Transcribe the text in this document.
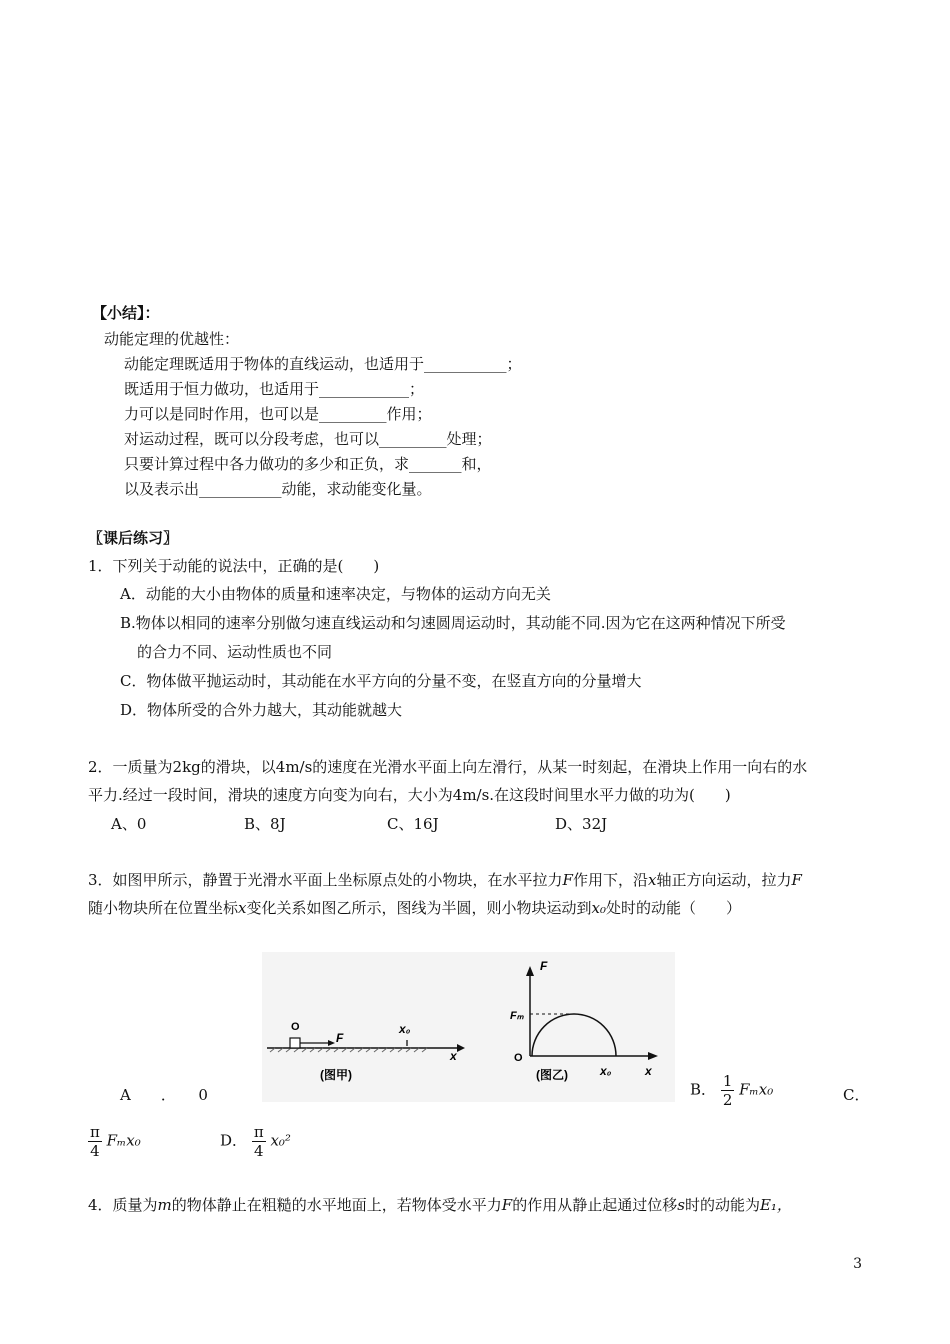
【小结】：
动能定理的优越性：
动能定理既适用于物体的直线运动，也适用于___________；
既适用于恒力做功，也适用于____________；
力可以是同时作用，也可以是_________作用；
对运动过程，既可以分段考虑，也可以_________处理；
只要计算过程中各力做功的多少和正负，求_______和，
以及表示出___________动能，求动能变化量。
〖课后练习〗
1．下列关于动能的说法中，正确的是(　　)
A．动能的大小由物体的质量和速率决定，与物体的运动方向无关
B.物体以相同的速率分别做匀速直线运动和匀速圆周运动时，其动能不同.因为它在这两种情况下所受
的合力不同、运动性质也不同
C．物体做平抛运动时，其动能在水平方向的分量不变，在竖直方向的分量增大
D．物体所受的合外力越大，其动能就越大
2．一质量为2kg的滑块，以4m/s的速度在光滑水平面上向左滑行，从某一时刻起，在滑块上作用一向右的水
平力.经过一段时间，滑块的速度方向变为向右，大小为4m/s.在这段时间里水平力做的功为(　　)
A、0	B、8J	C、16J	D、32J
3．如图甲所示，静置于光滑水平面上坐标原点处的小物块，在水平拉力F作用下，沿x轴正方向运动，拉力F
随小物块所在位置坐标x变化关系如图乙所示，图线为半圆，则小物块运动到x₀处时的动能（　　）
O
F
x₀
x
(图甲)
F
Fₘ
O
x₀	x
(图乙)
A　　．　　0	B． $\frac{1}{2} F_mx_0$	C．
$\frac{\pi}{4} F_mx_0$	D． $\frac{\pi}{4} x_0^2$
4．质量为m的物体静止在粗糙的水平地面上，若物体受水平力F的作用从静止起通过位移s时的动能为E₁，
3
